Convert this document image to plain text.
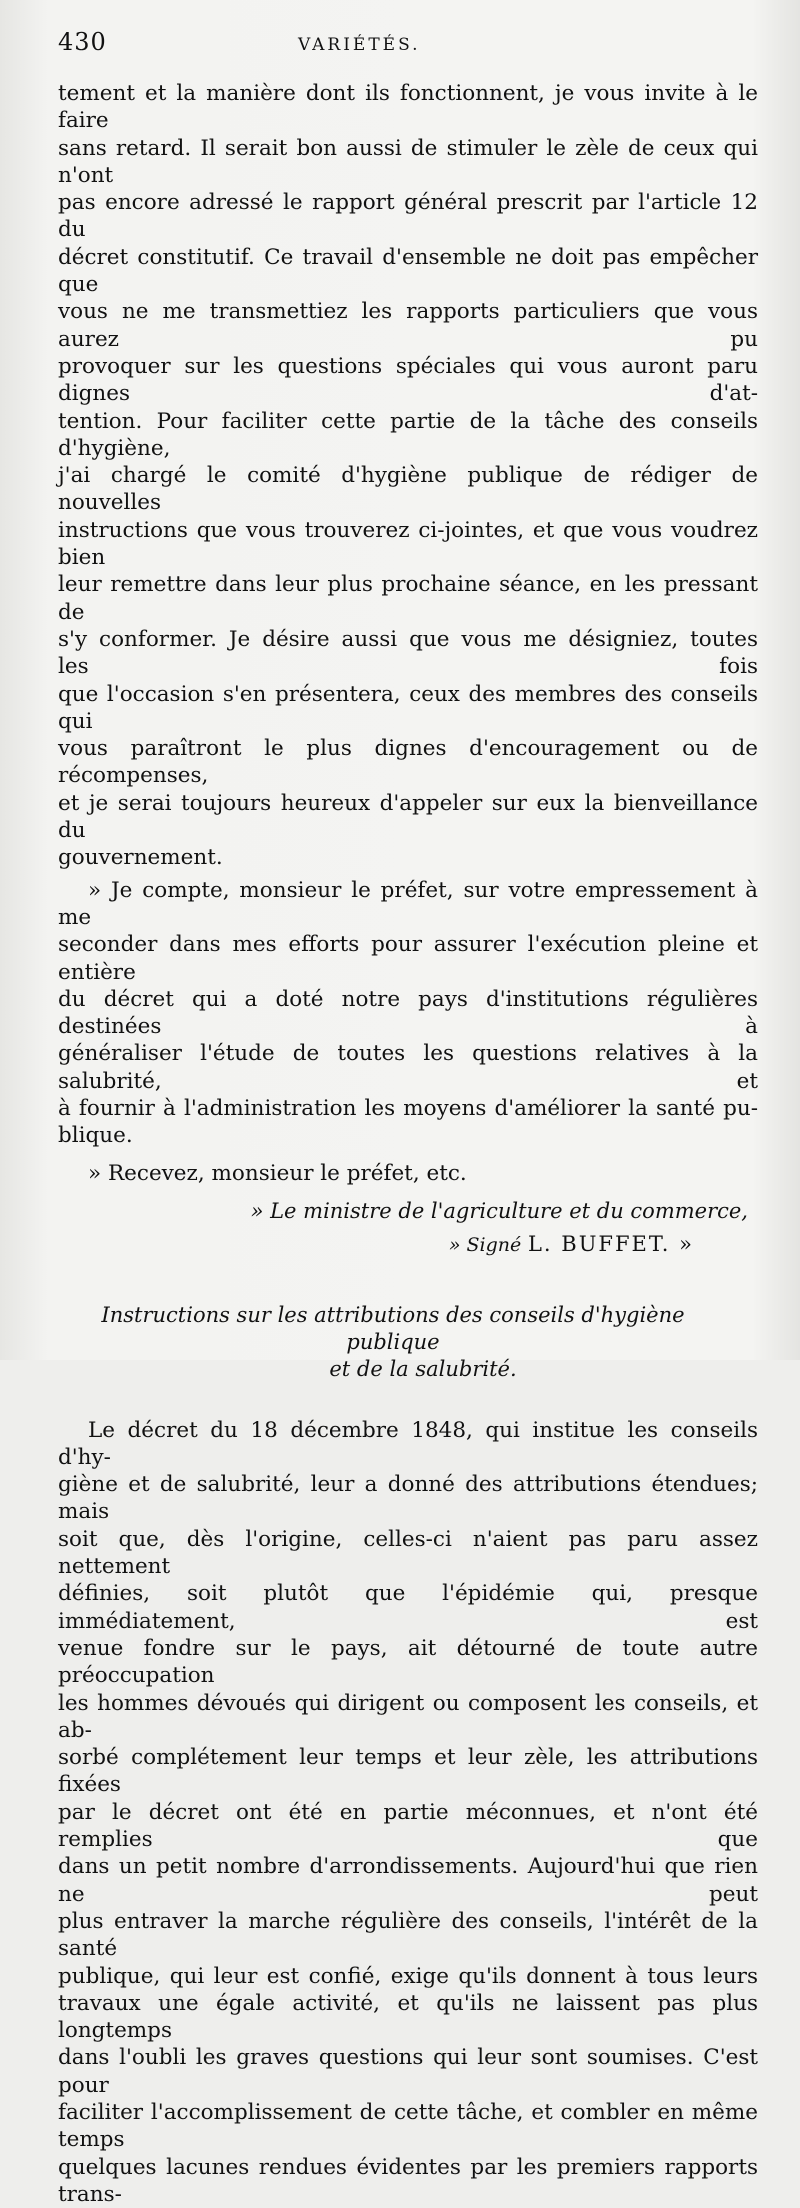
430	VARIÉTÉS.

tement et la manière dont ils fonctionnent, je vous invite à le faire

sans retard. Il serait bon aussi de stimuler le zèle de ceux qui n'ont

pas encore adressé le rapport général prescrit par l'article 12 du

décret constitutif. Ce travail d'ensemble ne doit pas empêcher que

vous ne me transmettiez les rapports particuliers que vous aurez pu

provoquer sur les questions spéciales qui vous auront paru dignes d'at-

tention. Pour faciliter cette partie de la tâche des conseils d'hygiène,

j'ai chargé le comité d'hygiène publique de rédiger de nouvelles

instructions que vous trouverez ci-jointes, et que vous voudrez bien

leur remettre dans leur plus prochaine séance, en les pressant de

s'y conformer. Je désire aussi que vous me désigniez, toutes les fois

que l'occasion s'en présentera, ceux des membres des conseils qui

vous paraîtront le plus dignes d'encouragement ou de récompenses,

et je serai toujours heureux d'appeler sur eux la bienveillance du

gouvernement.

» Je compte, monsieur le préfet, sur votre empressement à me

seconder dans mes efforts pour assurer l'exécution pleine et entière

du décret qui a doté notre pays d'institutions régulières destinées à

généraliser l'étude de toutes les questions relatives à la salubrité, et

à fournir à l'administration les moyens d'améliorer la santé pu-

blique.

» Recevez, monsieur le préfet, etc.
» Le ministre de l'agriculture et du commerce,
» Signé L. BUFFET. »
Instructions sur les attributions des conseils d'hygiène publique
et de la salubrité.

Le décret du 18 décembre 1848, qui institue les conseils d'hy-

giène et de salubrité, leur a donné des attributions étendues; mais

soit que, dès l'origine, celles-ci n'aient pas paru assez nettement

définies, soit plutôt que l'épidémie qui, presque immédiatement, est

venue fondre sur le pays, ait détourné de toute autre préoccupation

les hommes dévoués qui dirigent ou composent les conseils, et ab-

sorbé complétement leur temps et leur zèle, les attributions fixées

par le décret ont été en partie méconnues, et n'ont été remplies que

dans un petit nombre d'arrondissements. Aujourd'hui que rien ne peut

plus entraver la marche régulière des conseils, l'intérêt de la santé

publique, qui leur est confié, exige qu'ils donnent à tous leurs

travaux une égale activité, et qu'ils ne laissent pas plus longtemps

dans l'oubli les graves questions qui leur sont soumises. C'est pour

faciliter l'accomplissement de cette tâche, et combler en même temps

quelques lacunes rendues évidentes par les premiers rapports trans-
